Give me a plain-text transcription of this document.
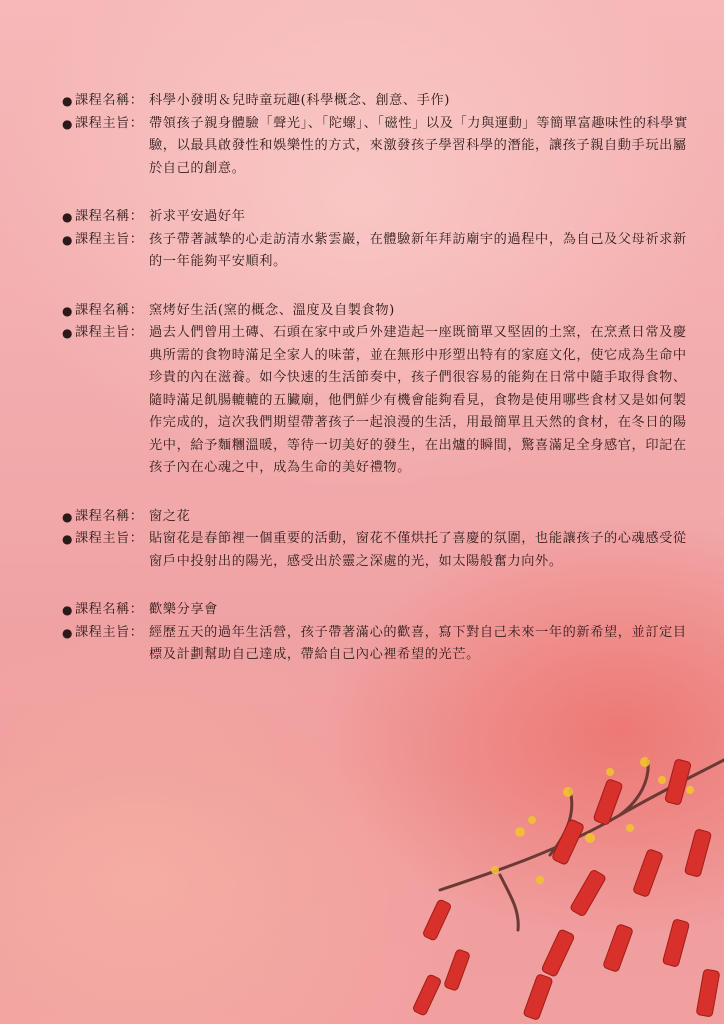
● 課程名稱： 科學小發明＆兒時童玩趣(科學概念、創意、手作)
● 課程主旨： 帶領孩子親身體驗「聲光」、「陀螺」、「磁性」以及「力與運動」等簡單富趣味性的科學實驗，以最具啟發性和娛樂性的方式，來激發孩子學習科學的潛能，讓孩子親自動手玩出屬於自己的創意。
● 課程名稱： 祈求平安過好年
● 課程主旨： 孩子帶著誠摯的心走訪清水紫雲巖，在體驗新年拜訪廟宇的過程中，為自己及父母祈求新的一年能夠平安順利。
● 課程名稱： 窯烤好生活(窯的概念、溫度及自製食物)
● 課程主旨： 過去人們曾用土磚、石頭在家中或戶外建造起一座既簡單又堅固的土窯，在烹煮日常及慶典所需的食物時滿足全家人的味蕾，並在無形中形塑出特有的家庭文化，使它成為生命中珍貴的內在滋養。如今快速的生活節奏中，孩子們很容易的能夠在日常中隨手取得食物、隨時滿足飢腸轆轆的五臟廟，他們鮮少有機會能夠看見，食物是使用哪些食材又是如何製作完成的，這次我們期望帶著孩子一起浪漫的生活，用最簡單且天然的食材，在冬日的陽光中，給予麵糰溫暖，等待一切美好的發生，在出爐的瞬間，驚喜滿足全身感官，印記在孩子內在心魂之中，成為生命的美好禮物。
● 課程名稱： 窗之花
● 課程主旨： 貼窗花是春節裡一個重要的活動，窗花不僅烘托了喜慶的氛圍，也能讓孩子的心魂感受從窗戶中投射出的陽光，感受出於靈之深處的光，如太陽般奮力向外。
● 課程名稱： 歡樂分享會
● 課程主旨： 經歷五天的過年生活營，孩子帶著滿心的歡喜，寫下對自己未來一年的新希望，並訂定目標及計劃幫助自己達成，帶給自己內心裡希望的光芒。
